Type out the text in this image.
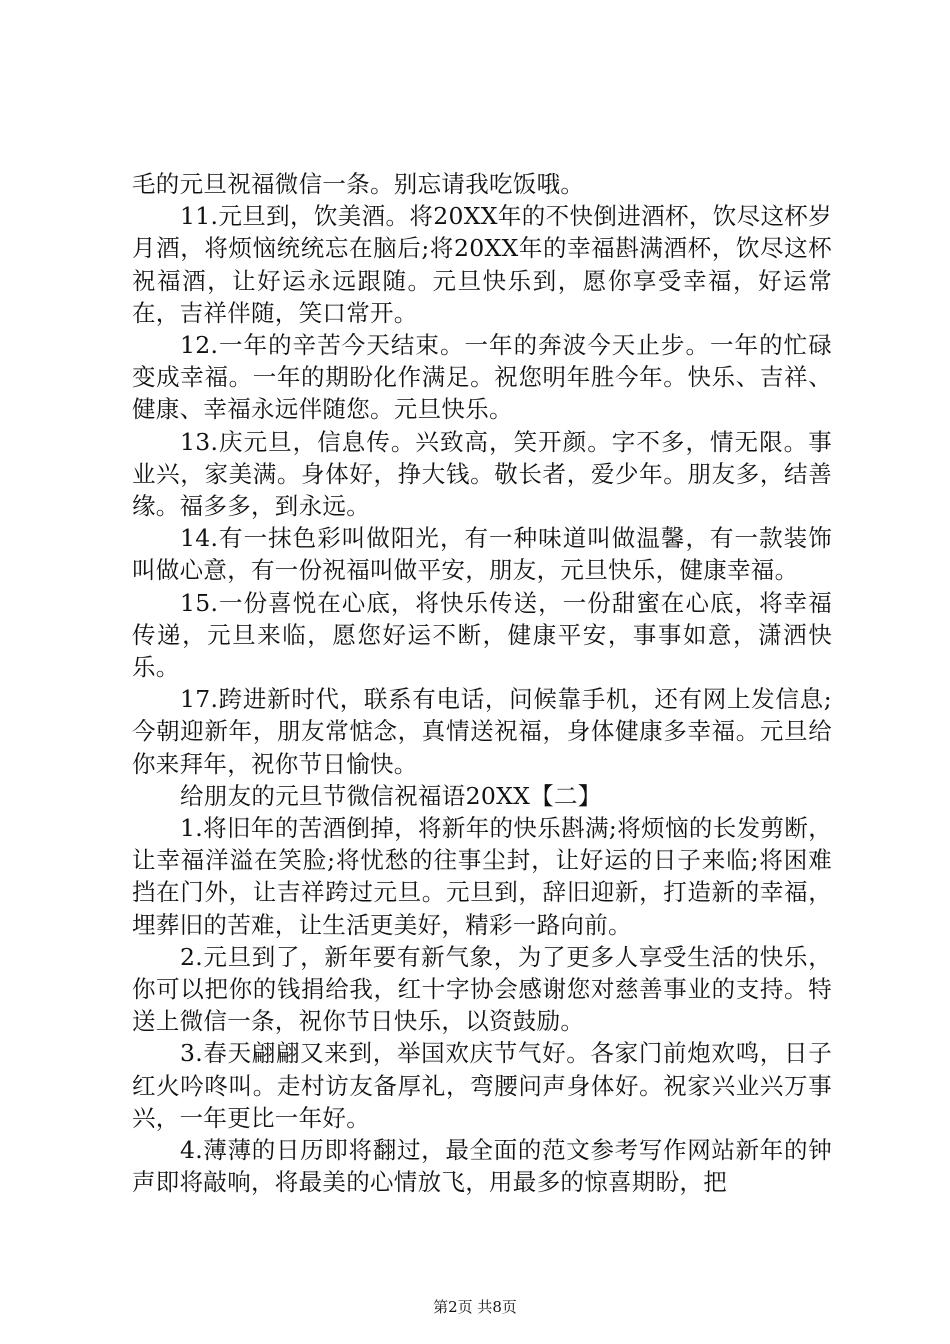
毛的元旦祝福微信一条。别忘请我吃饭哦。

11.元旦到，饮美酒。将20XX年的不快倒进酒杯，饮尽这杯岁月酒，将烦恼统统忘在脑后;将20XX年的幸福斟满酒杯，饮尽这杯祝福酒，让好运永远跟随。元旦快乐到，愿你享受幸福，好运常在，吉祥伴随，笑口常开。

12.一年的辛苦今天结束。一年的奔波今天止步。一年的忙碌变成幸福。一年的期盼化作满足。祝您明年胜今年。快乐、吉祥、健康、幸福永远伴随您。元旦快乐。

13.庆元旦，信息传。兴致高，笑开颜。字不多，情无限。事业兴，家美满。身体好，挣大钱。敬长者，爱少年。朋友多，结善缘。福多多，到永远。

14.有一抹色彩叫做阳光，有一种味道叫做温馨，有一款装饰叫做心意，有一份祝福叫做平安，朋友，元旦快乐，健康幸福。

15.一份喜悦在心底，将快乐传送，一份甜蜜在心底，将幸福传递，元旦来临，愿您好运不断，健康平安，事事如意，潇洒快乐。

17.跨进新时代，联系有电话，问候靠手机，还有网上发信息;今朝迎新年，朋友常惦念，真情送祝福，身体健康多幸福。元旦给你来拜年，祝你节日愉快。

给朋友的元旦节微信祝福语20XX【二】

1.将旧年的苦酒倒掉，将新年的快乐斟满;将烦恼的长发剪断，让幸福洋溢在笑脸;将忧愁的往事尘封，让好运的日子来临;将困难挡在门外，让吉祥跨过元旦。元旦到，辞旧迎新，打造新的幸福，埋葬旧的苦难，让生活更美好，精彩一路向前。

2.元旦到了，新年要有新气象，为了更多人享受生活的快乐，你可以把你的钱捐给我，红十字协会感谢您对慈善事业的支持。特送上微信一条，祝你节日快乐，以资鼓励。

3.春天翩翩又来到，举国欢庆节气好。各家门前炮欢鸣，日子红火吟咚叫。走村访友备厚礼，弯腰问声身体好。祝家兴业兴万事兴，一年更比一年好。

4.薄薄的日历即将翻过，最全面的范文参考写作网站新年的钟声即将敲响，将最美的心情放飞，用最多的惊喜期盼，把

第2页 共8页
